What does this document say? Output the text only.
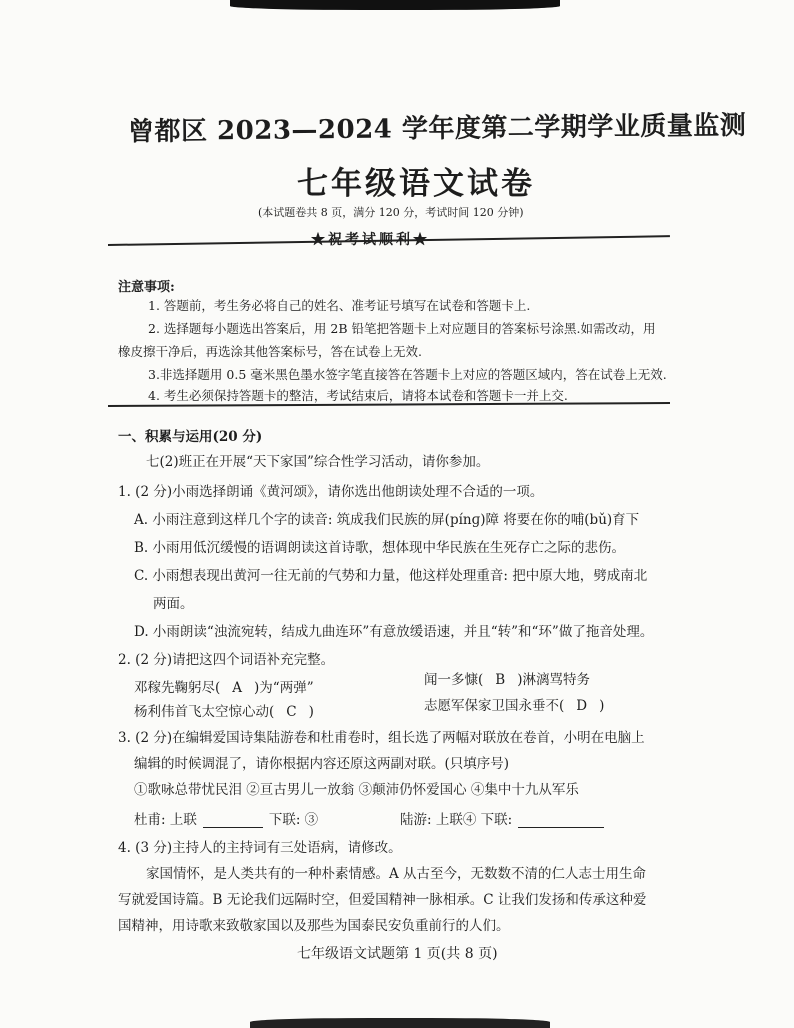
曾都区 2023—2024 学年度第二学期学业质量监测
七年级语文试卷
(本试题卷共 8 页，满分 120 分，考试时间 120 分钟)
★祝考试顺利★
注意事项:
1. 答题前，考生务必将自己的姓名、准考证号填写在试卷和答题卡上.
2. 选择题每小题选出答案后，用 2B 铅笔把答题卡上对应题目的答案标号涂黑.如需改动，用
橡皮擦干净后，再选涂其他答案标号，答在试卷上无效.
3.非选择题用 0.5 毫米黑色墨水签字笔直接答在答题卡上对应的答题区域内，答在试卷上无效.
4. 考生必须保持答题卡的整洁，考试结束后，请将本试卷和答题卡一并上交.
一、积累与运用(20 分)
七(2)班正在开展“天下家国”综合性学习活动，请你参加。
1. (2 分)小雨选择朗诵《黄河颂》，请你选出他朗读处理不合适的一项。
A. 小雨注意到这样几个字的读音: 筑成我们民族的屏(pínɡ)障 将要在你的哺(bǔ)育下
B. 小雨用低沉缓慢的语调朗读这首诗歌，想体现中华民族在生死存亡之际的悲伤。
C. 小雨想表现出黄河一往无前的气势和力量，他这样处理重音: 把中原大地，劈成南北
两面。
D. 小雨朗读“浊流宛转，结成九曲连环”有意放缓语速，并且“转”和“环”做了拖音处理。
2. (2 分)请把这四个词语补充完整。
邓稼先鞠躬尽( A )为“两弹”	闻一多慷( B )淋漓骂特务
杨利伟首飞太空惊心动( C )	志愿军保家卫国永垂不( D )
3. (2 分)在编辑爱国诗集陆游卷和杜甫卷时，组长选了两幅对联放在卷首，小明在电脑上
编辑的时候调混了，请你根据内容还原这两副对联。(只填序号)
①歌咏总带忧民泪 ②亘古男儿一放翁 ③颠沛仍怀爱国心 ④集中十九从军乐
杜甫: 上联	下联: ③	陆游: 上联④ 下联:
4. (3 分)主持人的主持词有三处语病，请修改。
家国情怀，是人类共有的一种朴素情感。A 从古至今，无数数不清的仁人志士用生命
写就爱国诗篇。B 无论我们远隔时空，但爱国精神一脉相承。C 让我们发扬和传承这种爱
国精神，用诗歌来致敬家国以及那些为国泰民安负重前行的人们。
七年级语文试题第 1 页(共 8 页)
